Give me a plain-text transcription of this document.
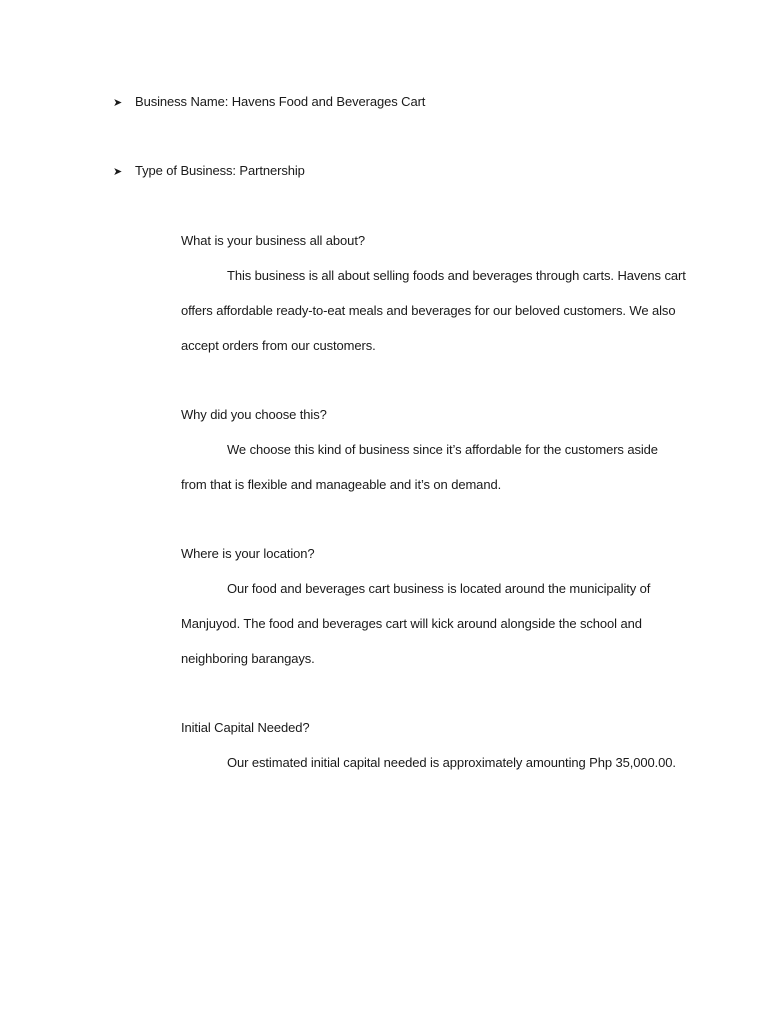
➤ Business Name: Havens Food and Beverages Cart
➤ Type of Business: Partnership
What is your business all about?
This business is all about selling foods and beverages through carts. Havens cart
offers affordable ready-to-eat meals and beverages for our beloved customers. We also
accept orders from our customers.
Why did you choose this?
We choose this kind of business since it’s affordable for the customers aside
from that is flexible and manageable and it’s on demand.
Where is your location?
Our food and beverages cart business is located around the municipality of
Manjuyod. The food and beverages cart will kick around alongside the school and
neighboring barangays.
Initial Capital Needed?
Our estimated initial capital needed is approximately amounting Php 35,000.00.
